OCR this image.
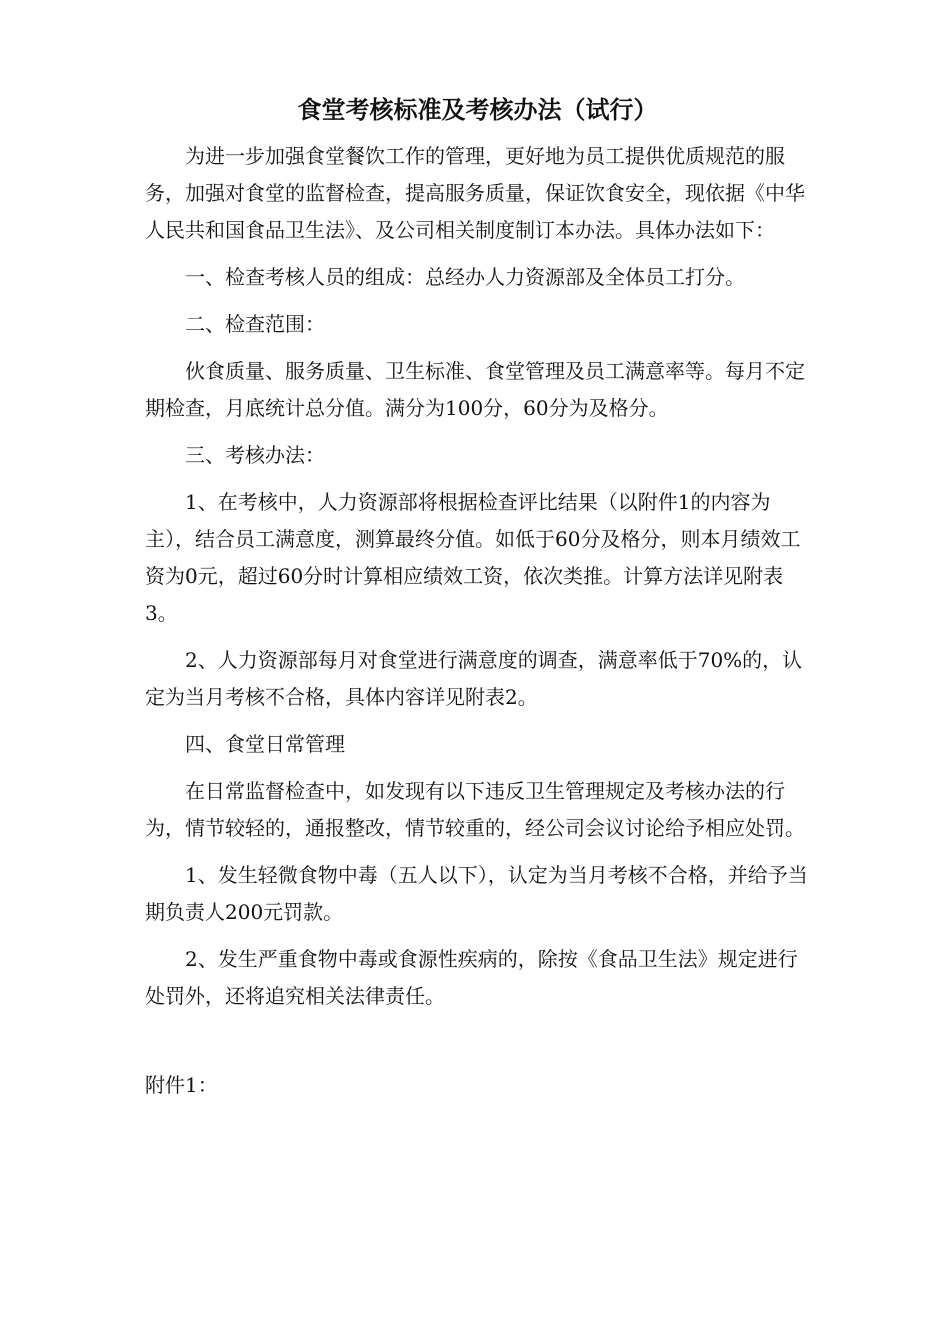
食堂考核标准及考核办法（试行）

为进一步加强食堂餐饮工作的管理，更好地为员工提供优质规范的服务，加强对食堂的监督检查，提高服务质量，保证饮食安全，现依据《中华人民共和国食品卫生法》、及公司相关制度制订本办法。具体办法如下：

一、检查考核人员的组成：总经办人力资源部及全体员工打分。

二、检查范围：

伙食质量、服务质量、卫生标准、食堂管理及员工满意率等。每月不定期检查，月底统计总分值。满分为100分，60分为及格分。

三、考核办法：

1、在考核中，人力资源部将根据检查评比结果（以附件1的内容为主），结合员工满意度，测算最终分值。如低于60分及格分，则本月绩效工资为0元，超过60分时计算相应绩效工资，依次类推。计算方法详见附表3。

2、人力资源部每月对食堂进行满意度的调查，满意率低于70%的，认定为当月考核不合格，具体内容详见附表2。

四、食堂日常管理

在日常监督检查中，如发现有以下违反卫生管理规定及考核办法的行为，情节较轻的，通报整改，情节较重的，经公司会议讨论给予相应处罚。

1、发生轻微食物中毒（五人以下），认定为当月考核不合格，并给予当期负责人200元罚款。

2、发生严重食物中毒或食源性疾病的，除按《食品卫生法》规定进行处罚外，还将追究相关法律责任。

附件1：
